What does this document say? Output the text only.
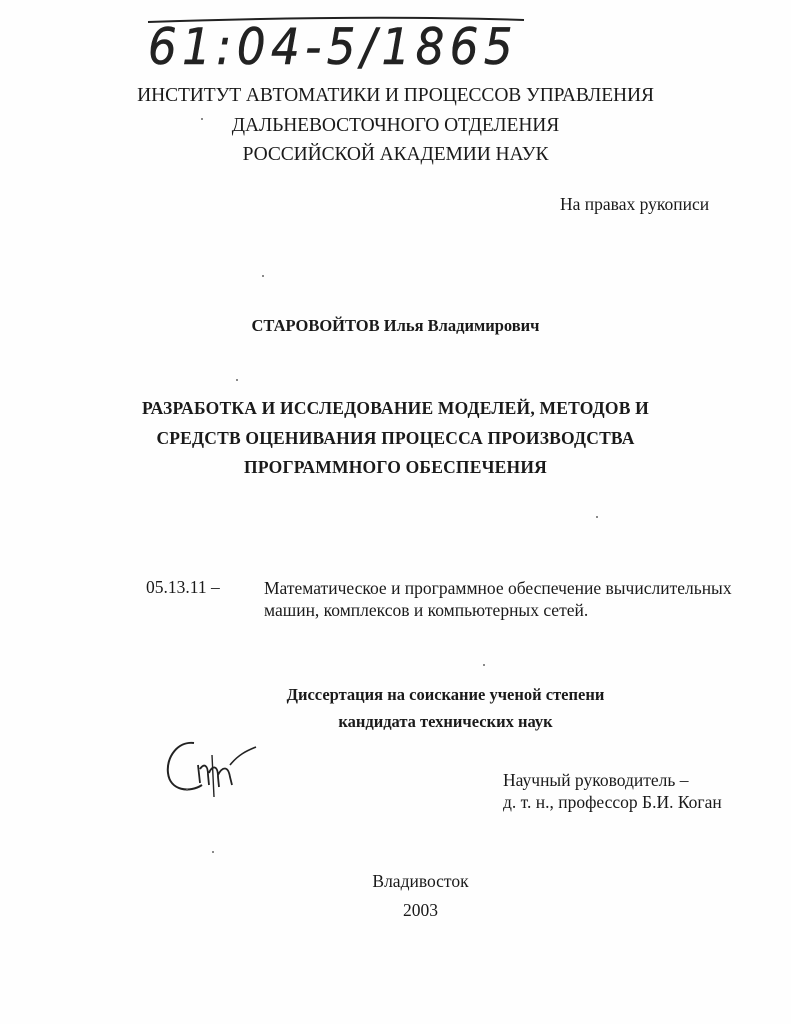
61:04-5/1865
ИНСТИТУТ АВТОМАТИКИ И ПРОЦЕССОВ УПРАВЛЕНИЯ
ДАЛЬНЕВОСТОЧНОГО ОТДЕЛЕНИЯ
РОССИЙСКОЙ АКАДЕМИИ НАУК
На правах рукописи
СТАРОВОЙТОВ Илья Владимирович
РАЗРАБОТКА И ИССЛЕДОВАНИЕ МОДЕЛЕЙ, МЕТОДОВ И
СРЕДСТВ ОЦЕНИВАНИЯ ПРОЦЕССА ПРОИЗВОДСТВА
ПРОГРАММНОГО ОБЕСПЕЧЕНИЯ
05.13.11 –	Математическое и программное обеспечение вычислительных
машин, комплексов и компьютерных сетей.
Диссертация на соискание ученой степени
кандидата технических наук
Научный руководитель –
д. т. н., профессор Б.И. Коган
Владивосток
2003
